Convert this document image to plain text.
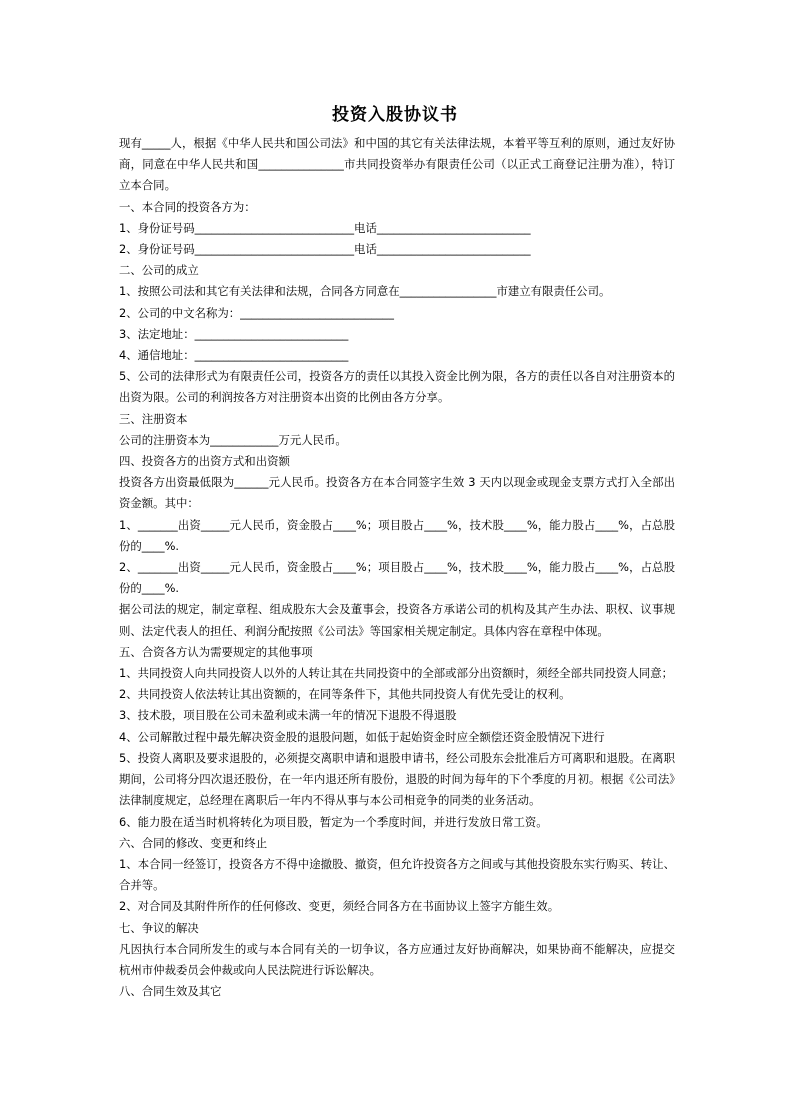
投资入股协议书

现有_____人，根据《中华人民共和国公司法》和中国的其它有关法律法规，本着平等互利的原则，通过友好协商，同意在中华人民共和国_______________市共同投资举办有限责任公司（以正式工商登记注册为准），特订立本合同。

一、本合同的投资各方为：

1、身份证号码____________________________电话___________________________

2、身份证号码____________________________电话___________________________

二、公司的成立

1、按照公司法和其它有关法律和法规，合同各方同意在_________________市建立有限责任公司。

2、公司的中文名称为：___________________________

3、法定地址：___________________________

4、通信地址：___________________________

5、公司的法律形式为有限责任公司，投资各方的责任以其投入资金比例为限，各方的责任以各自对注册资本的出资为限。公司的利润按各方对注册资本出资的比例由各方分享。

三、注册资本

公司的注册资本为____________万元人民币。

四、投资各方的出资方式和出资额

投资各方出资最低限为______元人民币。投资各方在本合同签字生效 3 天内以现金或现金支票方式打入全部出资金额。其中：

1、_______出资_____元人民币，资金股占____%；项目股占____%，技术股____%，能力股占____%，占总股份的____%.

2、_______出资_____元人民币，资金股占____%；项目股占____%，技术股____%，能力股占____%，占总股份的____%.

据公司法的规定，制定章程、组成股东大会及董事会，投资各方承诺公司的机构及其产生办法、职权、议事规则、法定代表人的担任、利润分配按照《公司法》等国家相关规定制定。具体内容在章程中体现。

五、合资各方认为需要规定的其他事项

1、共同投资人向共同投资人以外的人转让其在共同投资中的全部或部分出资额时，须经全部共同投资人同意；

2、共同投资人依法转让其出资额的，在同等条件下，其他共同投资人有优先受让的权利。

3、技术股，项目股在公司未盈利或未满一年的情况下退股不得退股

4、公司解散过程中最先解决资金股的退股问题，如低于起始资金时应全额偿还资金股情况下进行

5、投资人离职及要求退股的，必须提交离职申请和退股申请书，经公司股东会批准后方可离职和退股。在离职期间，公司将分四次退还股份，在一年内退还所有股份，退股的时间为每年的下个季度的月初。根据《公司法》法律制度规定，总经理在离职后一年内不得从事与本公司相竞争的同类的业务活动。

6、能力股在适当时机将转化为项目股，暂定为一个季度时间，并进行发放日常工资。

六、合同的修改、变更和终止

1、本合同一经签订，投资各方不得中途撤股、撤资，但允许投资各方之间或与其他投资股东实行购买、转让、合并等。

2、对合同及其附件所作的任何修改、变更，须经合同各方在书面协议上签字方能生效。

七、争议的解决

凡因执行本合同所发生的或与本合同有关的一切争议，各方应通过友好协商解决，如果协商不能解决，应提交杭州市仲裁委员会仲裁或向人民法院进行诉讼解决。

八、合同生效及其它
